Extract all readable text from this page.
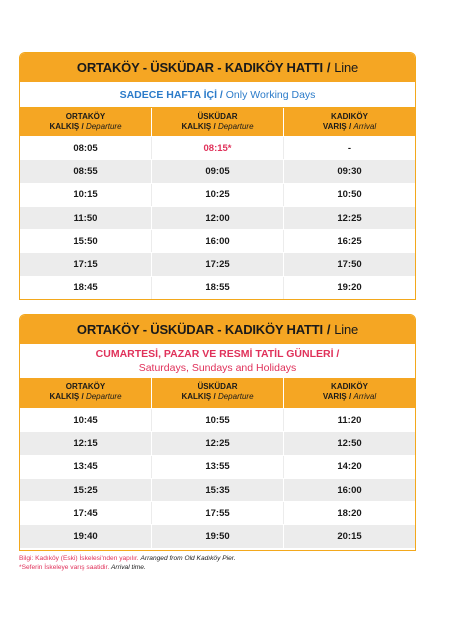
ORTAKÖY - ÜSKÜDAR - KADIKÖY HATTI / Line
SADECE HAFTA İÇİ / Only Working Days
ORTAKÖY
KALKIŞ / Departure
ÜSKÜDAR
KALKIŞ / Departure
KADIKÖY
VARIŞ / Arrival
08:05	08:15*	-
08:55	09:05	09:30
10:15	10:25	10:50
11:50	12:00	12:25
15:50	16:00	16:25
17:15	17:25	17:50
18:45	18:55	19:20
ORTAKÖY - ÜSKÜDAR - KADIKÖY HATTI / Line
CUMARTESİ, PAZAR VE RESMİ TATİL GÜNLERİ /
Saturdays, Sundays and Holidays
ORTAKÖY
KALKIŞ / Departure
ÜSKÜDAR
KALKIŞ / Departure
KADIKÖY
VARIŞ / Arrival
10:45	10:55	11:20
12:15	12:25	12:50
13:45	13:55	14:20
15:25	15:35	16:00
17:45	17:55	18:20
19:40	19:50	20:15
Bilgi: Kadıköy (Eski) İskelesi'nden yapılır. Arranged from Old Kadıköy Pier.
*Seferin İskeleye varış saatidir. Arrival time.
